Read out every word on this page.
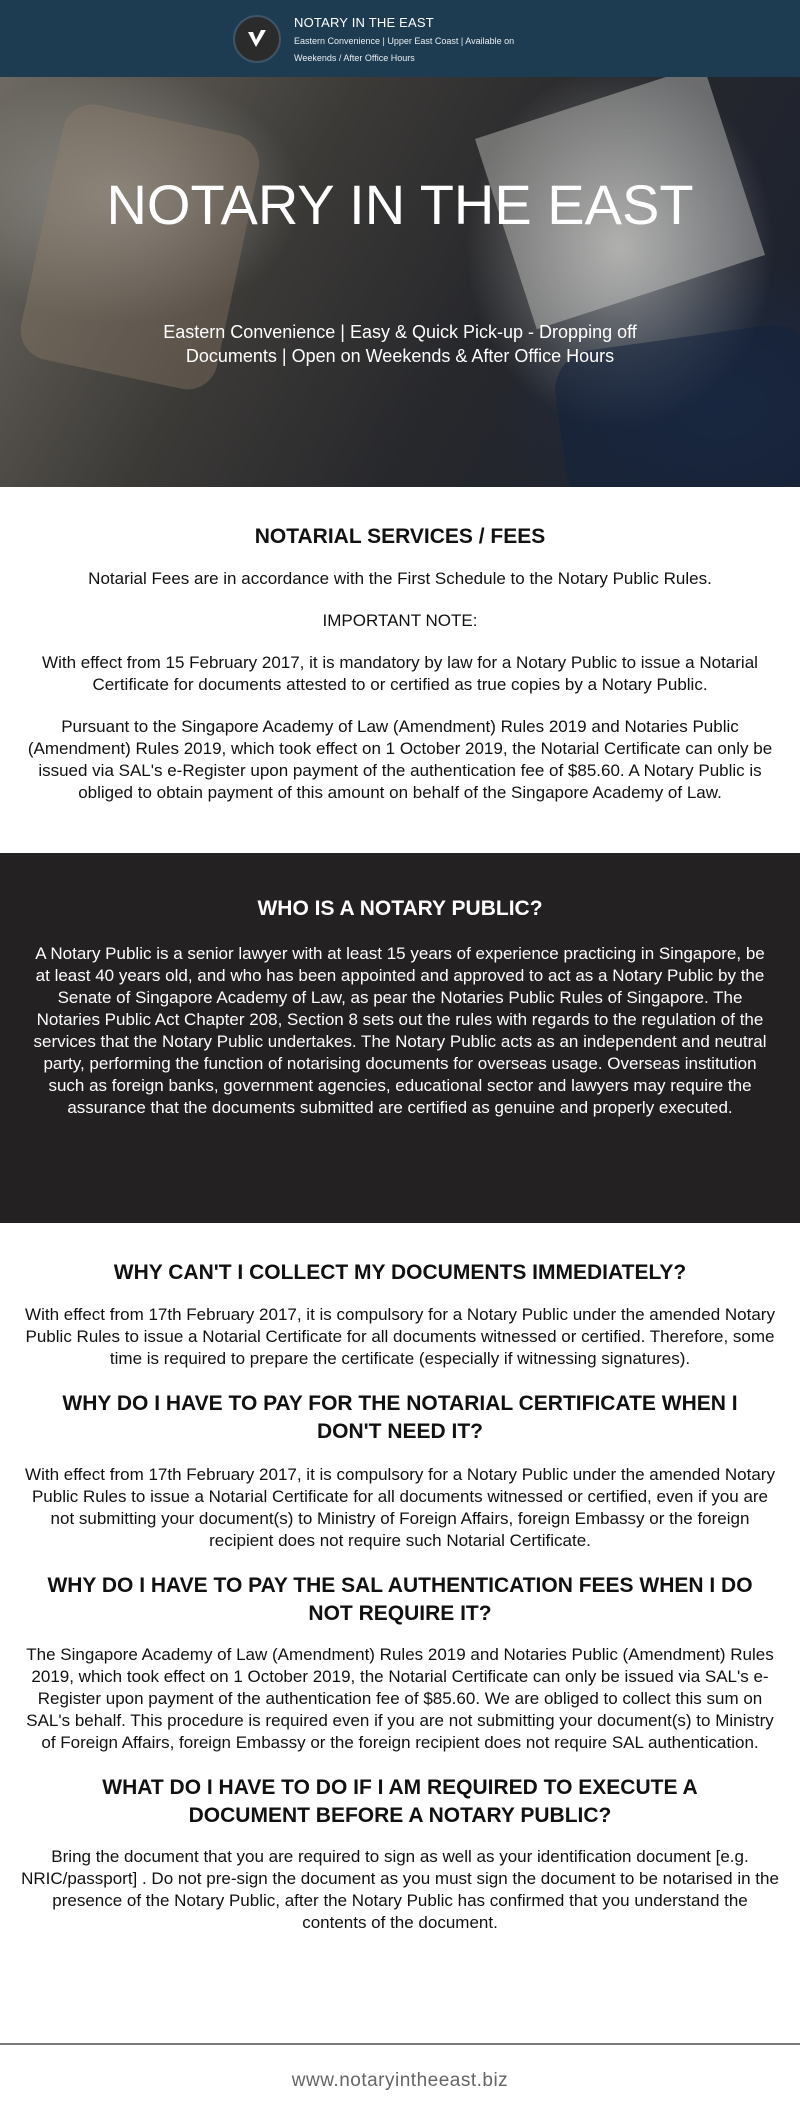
NOTARY IN THE EAST
Eastern Convenience | Upper East Coast | Available on Weekends / After Office Hours
NOTARY IN THE EAST

Eastern Convenience | Easy & Quick Pick-up - Dropping off Documents | Open on Weekends & After Office Hours

NOTARIAL SERVICES / FEES

Notarial Fees are in accordance with the First Schedule to the Notary Public Rules.

IMPORTANT NOTE:

With effect from 15 February 2017, it is mandatory by law for a Notary Public to issue a Notarial Certificate for documents attested to or certified as true copies by a Notary Public.

Pursuant to the Singapore Academy of Law (Amendment) Rules 2019 and Notaries Public (Amendment) Rules 2019, which took effect on 1 October 2019, the Notarial Certificate can only be issued via SAL's e-Register upon payment of the authentication fee of $85.60. A Notary Public is obliged to obtain payment of this amount on behalf of the Singapore Academy of Law.

WHO IS A NOTARY PUBLIC?

A Notary Public is a senior lawyer with at least 15 years of experience practicing in Singapore, be at least 40 years old, and who has been appointed and approved to act as a Notary Public by the Senate of Singapore Academy of Law, as pear the Notaries Public Rules of Singapore. The Notaries Public Act Chapter 208, Section 8 sets out the rules with regards to the regulation of the services that the Notary Public undertakes. The Notary Public acts as an independent and neutral party, performing the function of notarising documents for overseas usage. Overseas institution such as foreign banks, government agencies, educational sector and lawyers may require the assurance that the documents submitted are certified as genuine and properly executed.

WHY CAN'T I COLLECT MY DOCUMENTS IMMEDIATELY?

With effect from 17th February 2017, it is compulsory for a Notary Public under the amended Notary Public Rules to issue a Notarial Certificate for all documents witnessed or certified. Therefore, some time is required to prepare the certificate (especially if witnessing signatures).

WHY DO I HAVE TO PAY FOR THE NOTARIAL CERTIFICATE WHEN I DON'T NEED IT?

With effect from 17th February 2017, it is compulsory for a Notary Public under the amended Notary Public Rules to issue a Notarial Certificate for all documents witnessed or certified, even if you are not submitting your document(s) to Ministry of Foreign Affairs, foreign Embassy or the foreign recipient does not require such Notarial Certificate.

WHY DO I HAVE TO PAY THE SAL AUTHENTICATION FEES WHEN I DO NOT REQUIRE IT?

The Singapore Academy of Law (Amendment) Rules 2019 and Notaries Public (Amendment) Rules 2019, which took effect on 1 October 2019, the Notarial Certificate can only be issued via SAL's e-Register upon payment of the authentication fee of $85.60. We are obliged to collect this sum on SAL's behalf. This procedure is required even if you are not submitting your document(s) to Ministry of Foreign Affairs, foreign Embassy or the foreign recipient does not require SAL authentication.

WHAT DO I HAVE TO DO IF I AM REQUIRED TO EXECUTE A DOCUMENT BEFORE A NOTARY PUBLIC?

Bring the document that you are required to sign as well as your identification document [e.g. NRIC/passport] . Do not pre-sign the document as you must sign the document to be notarised in the presence of the Notary Public, after the Notary Public has confirmed that you understand the contents of the document.

www.notaryintheeast.biz
